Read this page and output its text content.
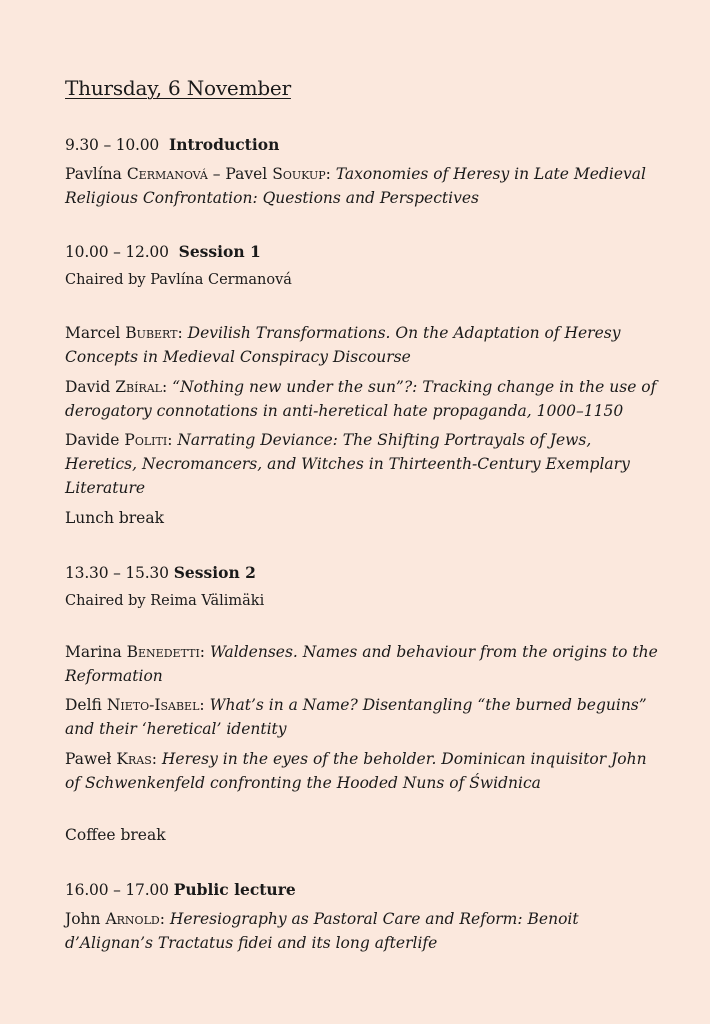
Thursday, 6 November
9.30 – 10.00 Introduction
Pavlína Cermanová – Pavel Soukup: Taxonomies of Heresy in Late Medieval Religious Confrontation: Questions and Perspectives
10.00 – 12.00 Session 1
Chaired by Pavlína Cermanová
Marcel Bubert: Devilish Transformations. On the Adaptation of Heresy Concepts in Medieval Conspiracy Discourse
David Zbíral: “Nothing new under the sun”?: Tracking change in the use of derogatory connotations in anti-heretical hate propaganda, 1000–1150
Davide Politi: Narrating Deviance: The Shifting Portrayals of Jews, Heretics, Necromancers, and Witches in Thirteenth-Century Exemplary Literature
Lunch break
13.30 – 15.30 Session 2
Chaired by Reima Välimäki
Marina Benedetti: Waldenses. Names and behaviour from the origins to the Reformation
Delfi Nieto-Isabel: What’s in a Name? Disentangling “the burned beguins” and their ‘heretical’ identity
Paweł Kras: Heresy in the eyes of the beholder. Dominican inquisitor John of Schwenkenfeld confronting the Hooded Nuns of Świdnica
Coffee break
16.00 – 17.00 Public lecture
John Arnold: Heresiography as Pastoral Care and Reform: Benoit d’Alignan’s Tractatus fidei and its long afterlife
